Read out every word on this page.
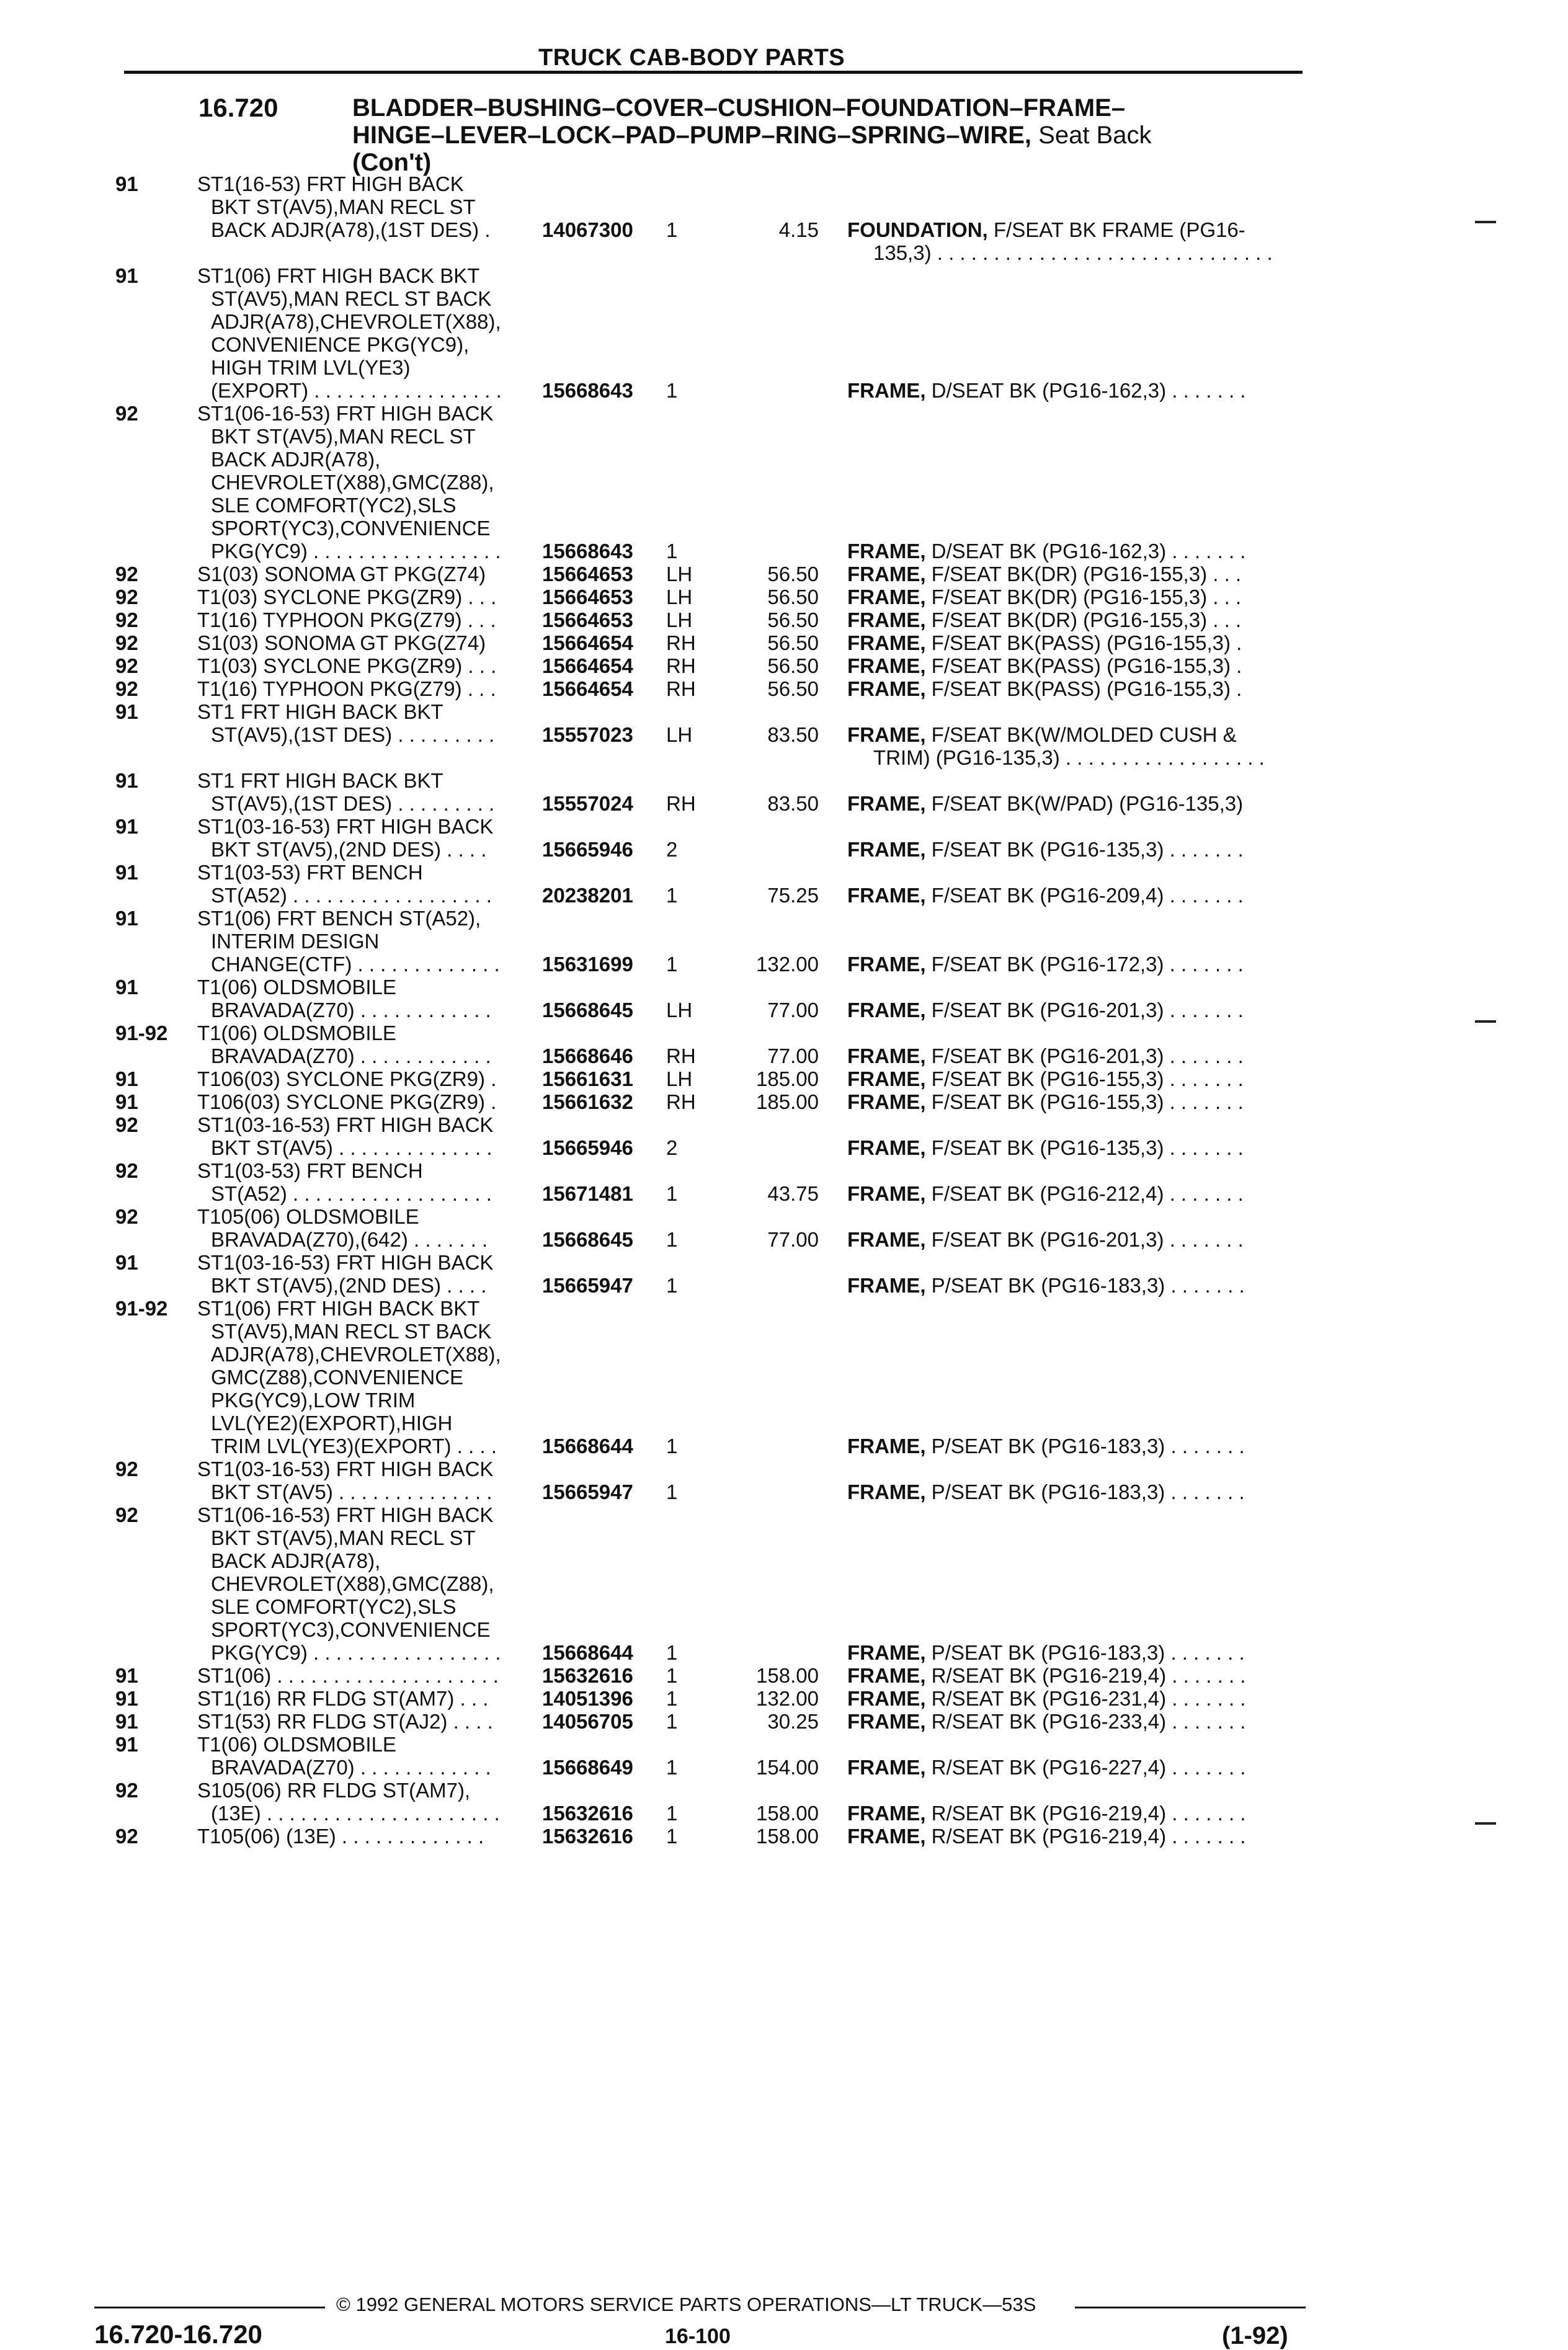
TRUCK CAB-BODY PARTS
16.720	BLADDER–BUSHING–COVER–CUSHION–FOUNDATION–FRAME–
HINGE–LEVER–LOCK–PAD–PUMP–RING–SPRING–WIRE, Seat Back
(Con't)
91	ST1(16-53) FRT HIGH BACK
BKT ST(AV5),MAN RECL ST
BACK ADJR(A78),(1ST DES) .	14067300 1	4.15 FOUNDATION, F/SEAT BK FRAME (PG16-
135,3) . . . . . . . . . . . . . . . . . . . . . . . . . . . . . .
91	ST1(06) FRT HIGH BACK BKT
ST(AV5),MAN RECL ST BACK
ADJR(A78),CHEVROLET(X88),
CONVENIENCE PKG(YC9),
HIGH TRIM LVL(YE3)
(EXPORT) . . . . . . . . . . . . . . . . . 15668643 1	FRAME, D/SEAT BK (PG16-162,3) . . . . . . .
92	ST1(06-16-53) FRT HIGH BACK
BKT ST(AV5),MAN RECL ST
BACK ADJR(A78),
CHEVROLET(X88),GMC(Z88),
SLE COMFORT(YC2),SLS
SPORT(YC3),CONVENIENCE
PKG(YC9) . . . . . . . . . . . . . . . . . 15668643 1	FRAME, D/SEAT BK (PG16-162,3) . . . . . . .
92	S1(03) SONOMA GT PKG(Z74)	15664653 LH	56.50 FRAME, F/SEAT BK(DR) (PG16-155,3) . . .
92	T1(03) SYCLONE PKG(ZR9) . . . 15664653 LH	56.50 FRAME, F/SEAT BK(DR) (PG16-155,3) . . .
92	T1(16) TYPHOON PKG(Z79) . . . 15664653 LH	56.50 FRAME, F/SEAT BK(DR) (PG16-155,3) . . .
92	S1(03) SONOMA GT PKG(Z74)	15664654 RH	56.50 FRAME, F/SEAT BK(PASS) (PG16-155,3) .
92	T1(03) SYCLONE PKG(ZR9) . . . 15664654 RH	56.50 FRAME, F/SEAT BK(PASS) (PG16-155,3) .
92	T1(16) TYPHOON PKG(Z79) . . . 15664654 RH	56.50 FRAME, F/SEAT BK(PASS) (PG16-155,3) .
91	ST1 FRT HIGH BACK BKT
ST(AV5),(1ST DES) . . . . . . . . . 15557023 LH	83.50 FRAME, F/SEAT BK(W/MOLDED CUSH &
TRIM) (PG16-135,3) . . . . . . . . . . . . . . . . . .
91	ST1 FRT HIGH BACK BKT
ST(AV5),(1ST DES) . . . . . . . . . 15557024 RH	83.50 FRAME, F/SEAT BK(W/PAD) (PG16-135,3)
91	ST1(03-16-53) FRT HIGH BACK
BKT ST(AV5),(2ND DES) . . . .	15665946 2	FRAME, F/SEAT BK (PG16-135,3) . . . . . . .
91	ST1(03-53) FRT BENCH
ST(A52) . . . . . . . . . . . . . . . . . . 20238201 1	75.25 FRAME, F/SEAT BK (PG16-209,4) . . . . . . .
91	ST1(06) FRT BENCH ST(A52),
INTERIM DESIGN
CHANGE(CTF) . . . . . . . . . . . . . 15631699 1	132.00 FRAME, F/SEAT BK (PG16-172,3) . . . . . . .
91	T1(06) OLDSMOBILE
BRAVADA(Z70) . . . . . . . . . . . . 15668645 LH	77.00 FRAME, F/SEAT BK (PG16-201,3) . . . . . . .
91-92	T1(06) OLDSMOBILE
BRAVADA(Z70) . . . . . . . . . . . . 15668646 RH	77.00 FRAME, F/SEAT BK (PG16-201,3) . . . . . . .
91	T106(03) SYCLONE PKG(ZR9) . 15661631 LH	185.00 FRAME, F/SEAT BK (PG16-155,3) . . . . . . .
91	T106(03) SYCLONE PKG(ZR9) . 15661632 RH	185.00 FRAME, F/SEAT BK (PG16-155,3) . . . . . . .
92	ST1(03-16-53) FRT HIGH BACK
BKT ST(AV5) . . . . . . . . . . . . . . 15665946 2	FRAME, F/SEAT BK (PG16-135,3) . . . . . . .
92	ST1(03-53) FRT BENCH
ST(A52) . . . . . . . . . . . . . . . . . . 15671481 1	43.75 FRAME, F/SEAT BK (PG16-212,4) . . . . . . .
92	T105(06) OLDSMOBILE
BRAVADA(Z70),(642) . . . . . . .	15668645 1	77.00 FRAME, F/SEAT BK (PG16-201,3) . . . . . . .
91	ST1(03-16-53) FRT HIGH BACK
BKT ST(AV5),(2ND DES) . . . .	15665947 1	FRAME, P/SEAT BK (PG16-183,3) . . . . . . .
91-92	ST1(06) FRT HIGH BACK BKT
ST(AV5),MAN RECL ST BACK
ADJR(A78),CHEVROLET(X88),
GMC(Z88),CONVENIENCE
PKG(YC9),LOW TRIM
LVL(YE2)(EXPORT),HIGH
TRIM LVL(YE3)(EXPORT) . . . . 15668644 1	FRAME, P/SEAT BK (PG16-183,3) . . . . . . .
92	ST1(03-16-53) FRT HIGH BACK
BKT ST(AV5) . . . . . . . . . . . . . . 15665947 1	FRAME, P/SEAT BK (PG16-183,3) . . . . . . .
92	ST1(06-16-53) FRT HIGH BACK
BKT ST(AV5),MAN RECL ST
BACK ADJR(A78),
CHEVROLET(X88),GMC(Z88),
SLE COMFORT(YC2),SLS
SPORT(YC3),CONVENIENCE
PKG(YC9) . . . . . . . . . . . . . . . . . 15668644 1	FRAME, P/SEAT BK (PG16-183,3) . . . . . . .
91	ST1(06) . . . . . . . . . . . . . . . . . . . . 15632616 1	158.00 FRAME, R/SEAT BK (PG16-219,4) . . . . . . .
91	ST1(16) RR FLDG ST(AM7) . . .	14051396 1	132.00 FRAME, R/SEAT BK (PG16-231,4) . . . . . . .
91	ST1(53) RR FLDG ST(AJ2) . . . . 14056705 1	30.25 FRAME, R/SEAT BK (PG16-233,4) . . . . . . .
91	T1(06) OLDSMOBILE
BRAVADA(Z70) . . . . . . . . . . . . 15668649 1	154.00 FRAME, R/SEAT BK (PG16-227,4) . . . . . . .
92	S105(06) RR FLDG ST(AM7),
(13E) . . . . . . . . . . . . . . . . . . . . . 15632616 1	158.00 FRAME, R/SEAT BK (PG16-219,4) . . . . . . .
92	T105(06) (13E) . . . . . . . . . . . . .	15632616 1	158.00 FRAME, R/SEAT BK (PG16-219,4) . . . . . . .
© 1992 GENERAL MOTORS SERVICE PARTS OPERATIONS—LT TRUCK—53S
16.720-16.720	16-100	(1-92)
